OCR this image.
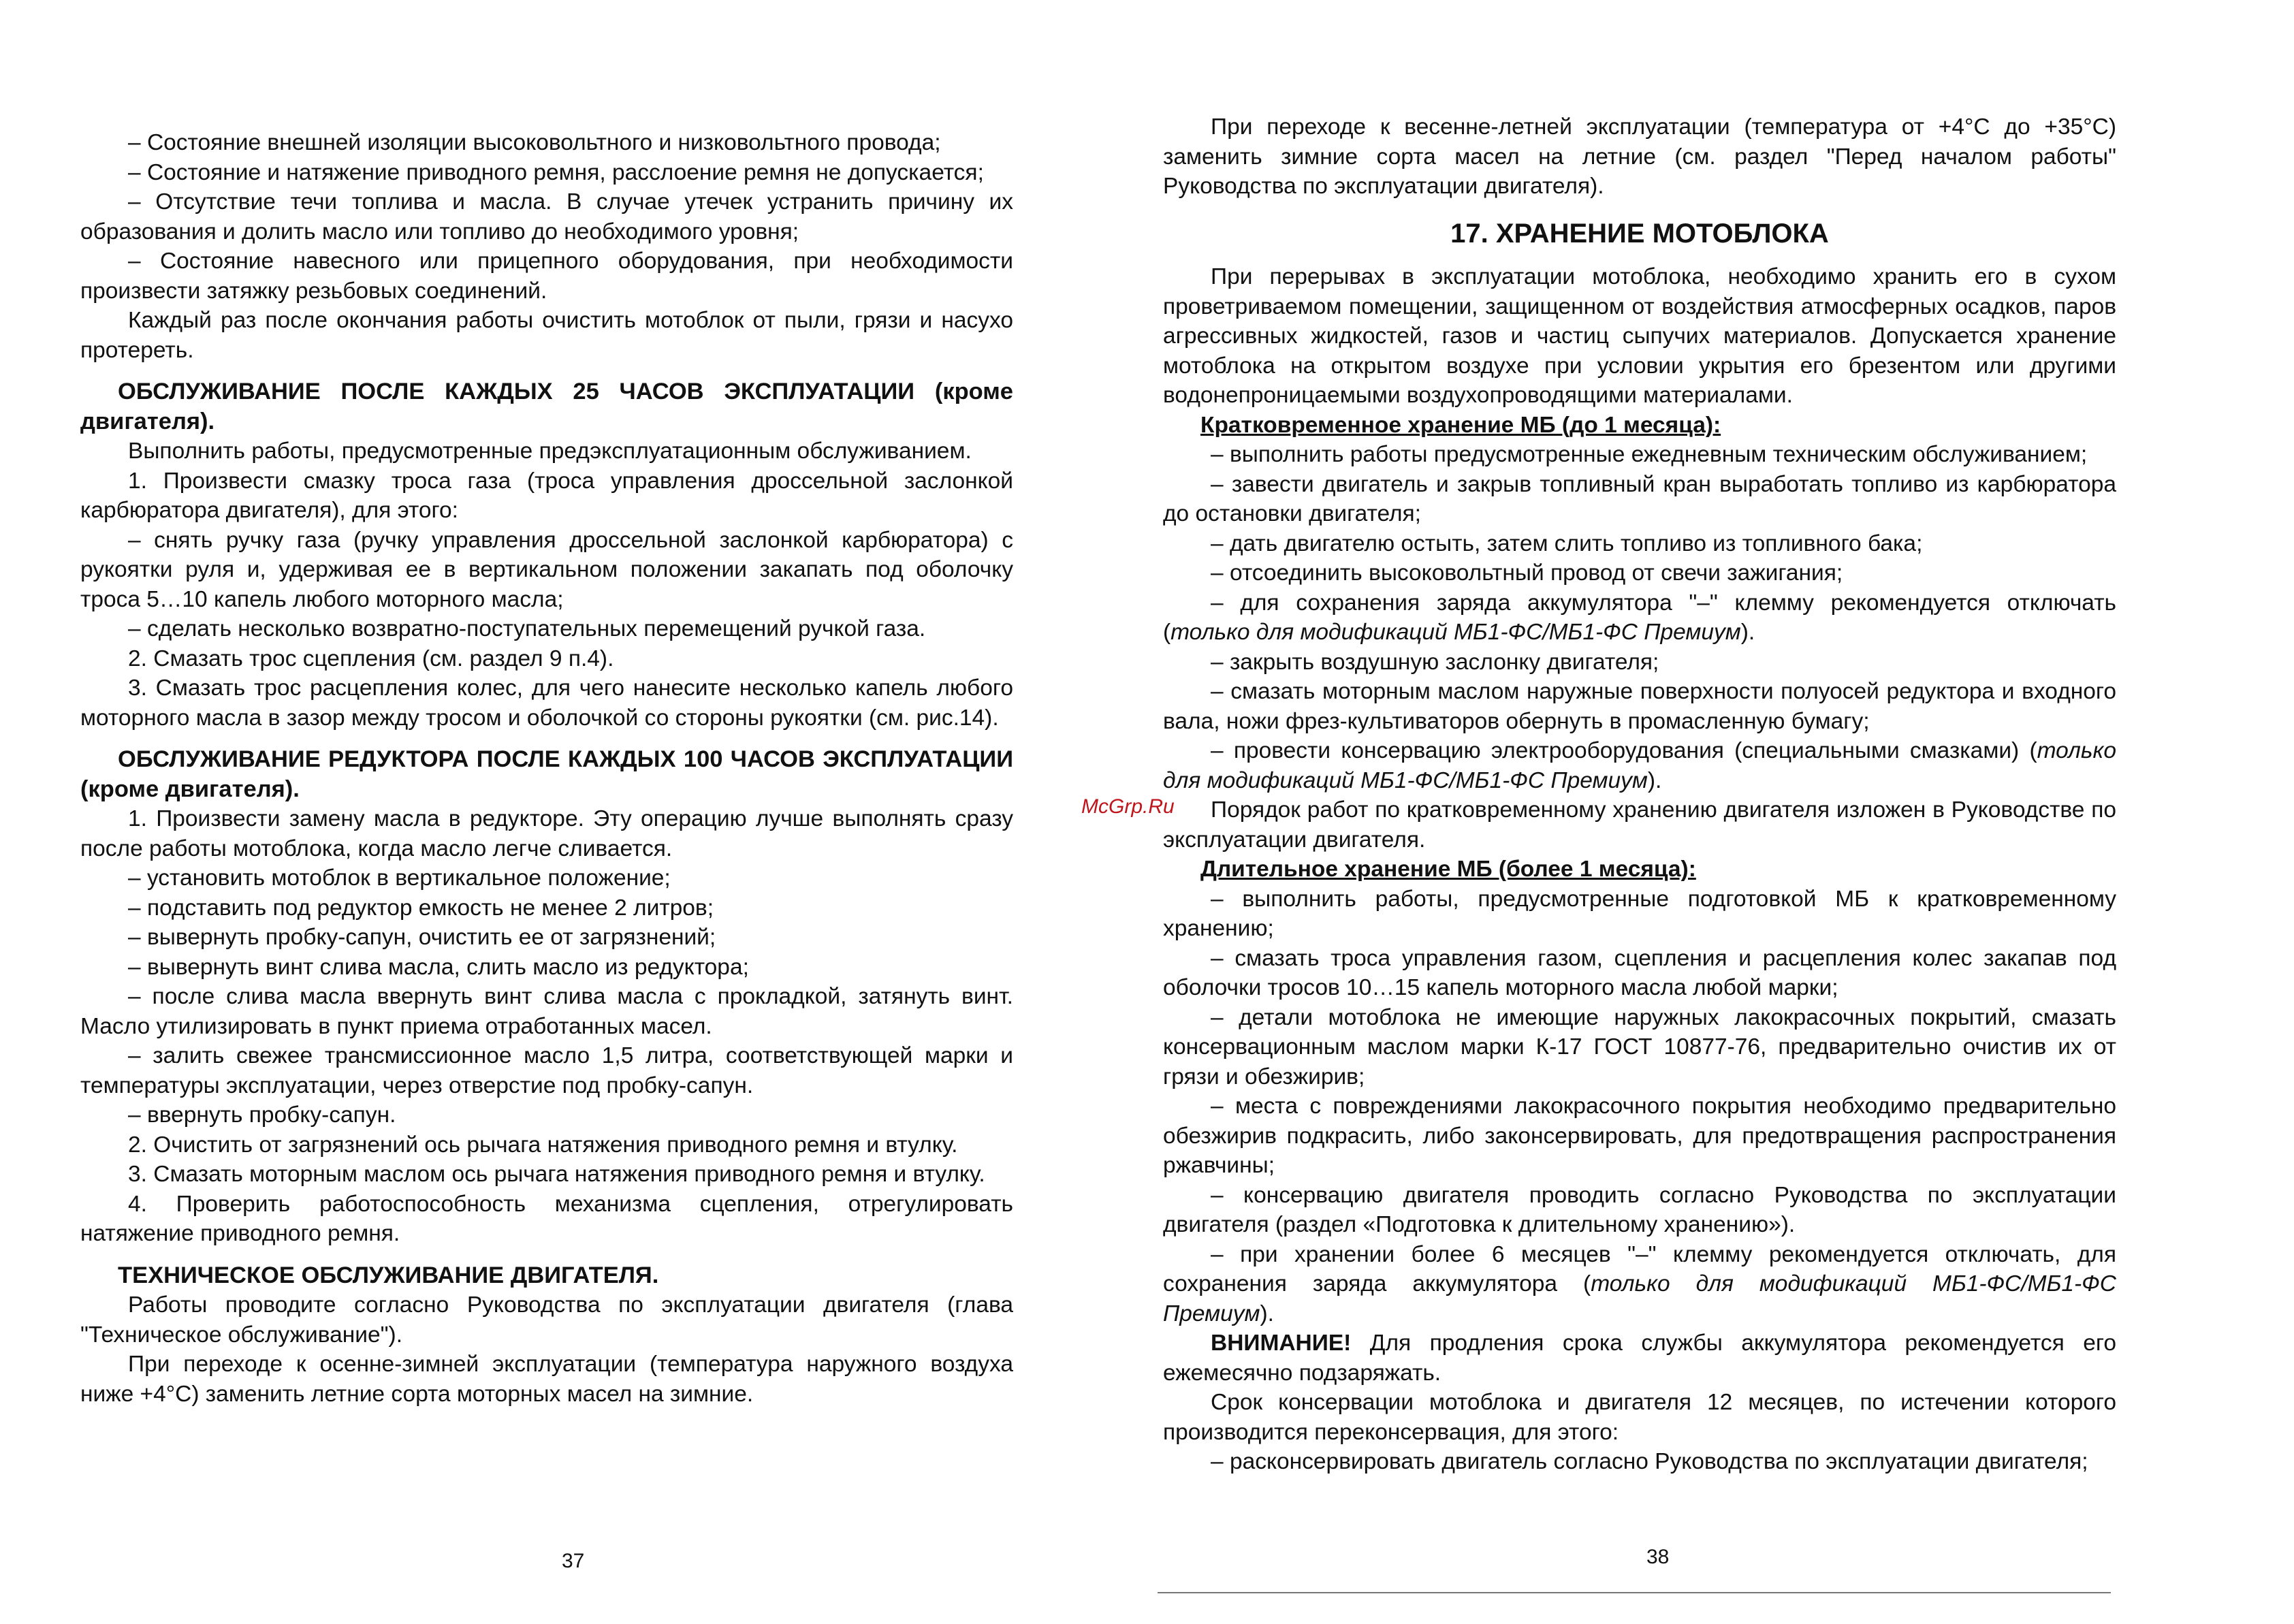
– Состояние внешней изоляции высоковольтного и низковольтного провода;

– Состояние и натяжение приводного ремня, расслоение ремня не допускается;

– Отсутствие течи топлива и масла. В случае утечек устранить причину их образования и долить масло или топливо до необходимого уровня;

– Состояние навесного или прицепного оборудования, при необходимости произвести затяжку резьбовых соединений.

Каждый раз после окончания работы очистить мотоблок от пыли, грязи и насухо протереть.

ОБСЛУЖИВАНИЕ ПОСЛЕ КАЖДЫХ 25 ЧАСОВ ЭКСПЛУАТАЦИИ (кроме двигателя).

Выполнить работы, предусмотренные предэксплуатационным обслуживанием.

1. Произвести смазку троса газа (троса управления дроссельной заслонкой карбюратора двигателя), для этого:

– снять ручку газа (ручку управления дроссельной заслонкой карбюратора) с рукоятки руля и, удерживая ее в вертикальном положении закапать под оболочку троса 5…10 капель любого моторного масла;

– сделать несколько возвратно-поступательных перемещений ручкой газа.

2. Смазать трос сцепления (см. раздел 9 п.4).

3. Смазать трос расцепления колес, для чего нанесите несколько капель любого моторного масла в зазор между тросом и оболочкой со стороны рукоятки (см. рис.14).

ОБСЛУЖИВАНИЕ РЕДУКТОРА ПОСЛЕ КАЖДЫХ 100 ЧАСОВ ЭКСПЛУАТАЦИИ (кроме двигателя).

1. Произвести замену масла в редукторе. Эту операцию лучше выполнять сразу после работы мотоблока, когда масло легче сливается.

– установить мотоблок в вертикальное положение;

– подставить под редуктор емкость не менее 2 литров;

– вывернуть пробку-сапун, очистить ее от загрязнений;

– вывернуть винт слива масла, слить масло из редуктора;

– после слива масла ввернуть винт слива масла с прокладкой, затянуть винт. Масло утилизировать в пункт приема отработанных масел.

– залить свежее трансмиссионное масло 1,5 литра, соответствующей марки и температуры эксплуатации, через отверстие под пробку-сапун.

– ввернуть пробку-сапун.

2. Очистить от загрязнений ось рычага натяжения приводного ремня и втулку.

3. Смазать моторным маслом ось рычага натяжения приводного ремня и втулку.

4. Проверить работоспособность механизма сцепления, отрегулировать натяжение приводного ремня.

ТЕХНИЧЕСКОЕ ОБСЛУЖИВАНИЕ ДВИГАТЕЛЯ.

Работы проводите согласно Руководства по эксплуатации двигателя (глава "Техническое обслуживание").

При переходе к осенне-зимней эксплуатации (температура наружного воздуха ниже +4°С) заменить летние сорта моторных масел на зимние.

37

При переходе к весенне-летней эксплуатации (температура от +4°С до +35°С) заменить зимние сорта масел на летние (см. раздел "Перед началом работы" Руководства по эксплуатации двигателя).

17. ХРАНЕНИЕ МОТОБЛОКА

При перерывах в эксплуатации мотоблока, необходимо хранить его в сухом проветриваемом помещении, защищенном от воздействия атмосферных осадков, паров агрессивных жидкостей, газов и частиц сыпучих материалов. Допускается хранение мотоблока на открытом воздухе при условии укрытия его брезентом или другими водонепроницаемыми воздухопроводящими материалами.

Кратковременное хранение МБ (до 1 месяца):

– выполнить работы предусмотренные ежедневным техническим обслуживанием;

– завести двигатель и закрыв топливный кран выработать топливо из карбюратора до остановки двигателя;

– дать двигателю остыть, затем слить топливо из топливного бака;

– отсоединить высоковольтный провод от свечи зажигания;

– для сохранения заряда аккумулятора "–" клемму рекомендуется отключать (только для модификаций МБ1-ФС/МБ1-ФС Премиум).

– закрыть воздушную заслонку двигателя;

– смазать моторным маслом наружные поверхности полуосей редуктора и входного вала, ножи фрез-культиваторов обернуть в промасленную бумагу;

– провести консервацию электрооборудования (специальными смазками) (только для модификаций МБ1-ФС/МБ1-ФС Премиум).

Порядок работ по кратковременному хранению двигателя изложен в Руководстве по эксплуатации двигателя.

Длительное хранение МБ (более 1 месяца):

– выполнить работы, предусмотренные подготовкой МБ к кратковременному хранению;

– смазать троса управления газом, сцепления и расцепления колес закапав под оболочки тросов 10…15 капель моторного масла любой марки;

– детали мотоблока не имеющие наружных лакокрасочных покрытий, смазать консервационным маслом марки К-17 ГОСТ 10877-76, предварительно очистив их от грязи и обезжирив;

– места с повреждениями лакокрасочного покрытия необходимо предварительно обезжирив подкрасить, либо законсервировать, для предотвращения распространения ржавчины;

– консервацию двигателя проводить согласно Руководства по эксплуатации двигателя (раздел «Подготовка к длительному хранению»).

– при хранении более 6 месяцев "–" клемму рекомендуется отключать, для сохранения заряда аккумулятора (только для модификаций МБ1-ФС/МБ1-ФС Премиум).

ВНИМАНИЕ! Для продления срока службы аккумулятора рекомендуется его ежемесячно подзаряжать.

Срок консервации мотоблока и двигателя 12 месяцев, по истечении которого производится переконсервация, для этого:

– расконсервировать двигатель согласно Руководства по эксплуатации двигателя;

38
McGrp.Ru
